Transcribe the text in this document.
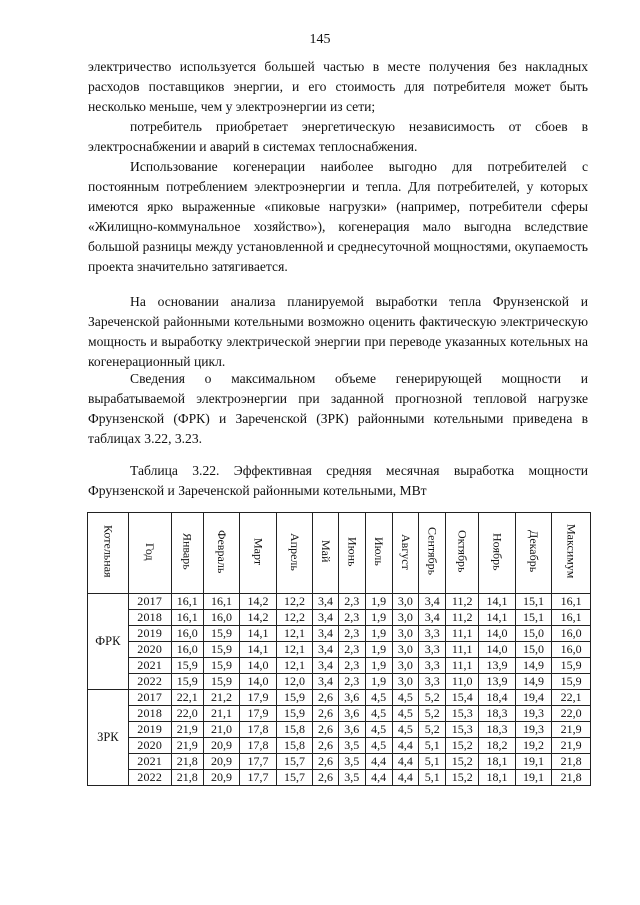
145

электричество используется большей частью в месте получения без накладных расходов поставщиков энергии, и его стоимость для потребителя может быть несколько меньше, чем у электроэнергии из сети;

потребитель приобретает энергетическую независимость от сбоев в электроснабжении и аварий в системах теплоснабжения.

Использование когенерации наиболее выгодно для потребителей с постоянным потреблением электроэнергии и тепла. Для потребителей, у которых имеются ярко выраженные «пиковые нагрузки» (например, потребители сферы «Жилищно-коммунальное хозяйство»), когенерация мало выгодна вследствие большой разницы между установленной и среднесуточной мощностями, окупаемость проекта значительно затягивается.

На основании анализа планируемой выработки тепла Фрунзенской и Зареченской районными котельными возможно оценить фактическую электрическую мощность и выработку электрической энергии при переводе указанных котельных на когенерационный цикл.

Сведения о максимальном объеме генерирующей мощности и вырабатываемой электроэнергии при заданной прогнозной тепловой нагрузке Фрунзенской (ФРК) и Зареченской (ЗРК) районными котельными приведена в таблицах 3.22, 3.23.

Таблица 3.22. Эффективная средняя месячная выработка мощности Фрунзенской и Зареченской районными котельными, МВт

Котельная	Год	Январь	Февраль	Март	Апрель	Май	Июнь	Июль	Август	Сентябрь	Октябрь	Ноябрь	Декабрь	Максимум
ФРК	2017	16,1	16,1	14,2	12,2	3,4	2,3	1,9	3,0	3,4	11,2	14,1	15,1	16,1
	2018	16,1	16,0	14,2	12,2	3,4	2,3	1,9	3,0	3,4	11,2	14,1	15,1	16,1
	2019	16,0	15,9	14,1	12,1	3,4	2,3	1,9	3,0	3,3	11,1	14,0	15,0	16,0
	2020	16,0	15,9	14,1	12,1	3,4	2,3	1,9	3,0	3,3	11,1	14,0	15,0	16,0
	2021	15,9	15,9	14,0	12,1	3,4	2,3	1,9	3,0	3,3	11,1	13,9	14,9	15,9
	2022	15,9	15,9	14,0	12,0	3,4	2,3	1,9	3,0	3,3	11,0	13,9	14,9	15,9
ЗРК	2017	22,1	21,2	17,9	15,9	2,6	3,6	4,5	4,5	5,2	15,4	18,4	19,4	22,1
	2018	22,0	21,1	17,9	15,9	2,6	3,6	4,5	4,5	5,2	15,3	18,3	19,3	22,0
	2019	21,9	21,0	17,8	15,8	2,6	3,6	4,5	4,5	5,2	15,3	18,3	19,3	21,9
	2020	21,9	20,9	17,8	15,8	2,6	3,5	4,5	4,4	5,1	15,2	18,2	19,2	21,9
	2021	21,8	20,9	17,7	15,7	2,6	3,5	4,4	4,4	5,1	15,2	18,1	19,1	21,8
	2022	21,8	20,9	17,7	15,7	2,6	3,5	4,4	4,4	5,1	15,2	18,1	19,1	21,8
